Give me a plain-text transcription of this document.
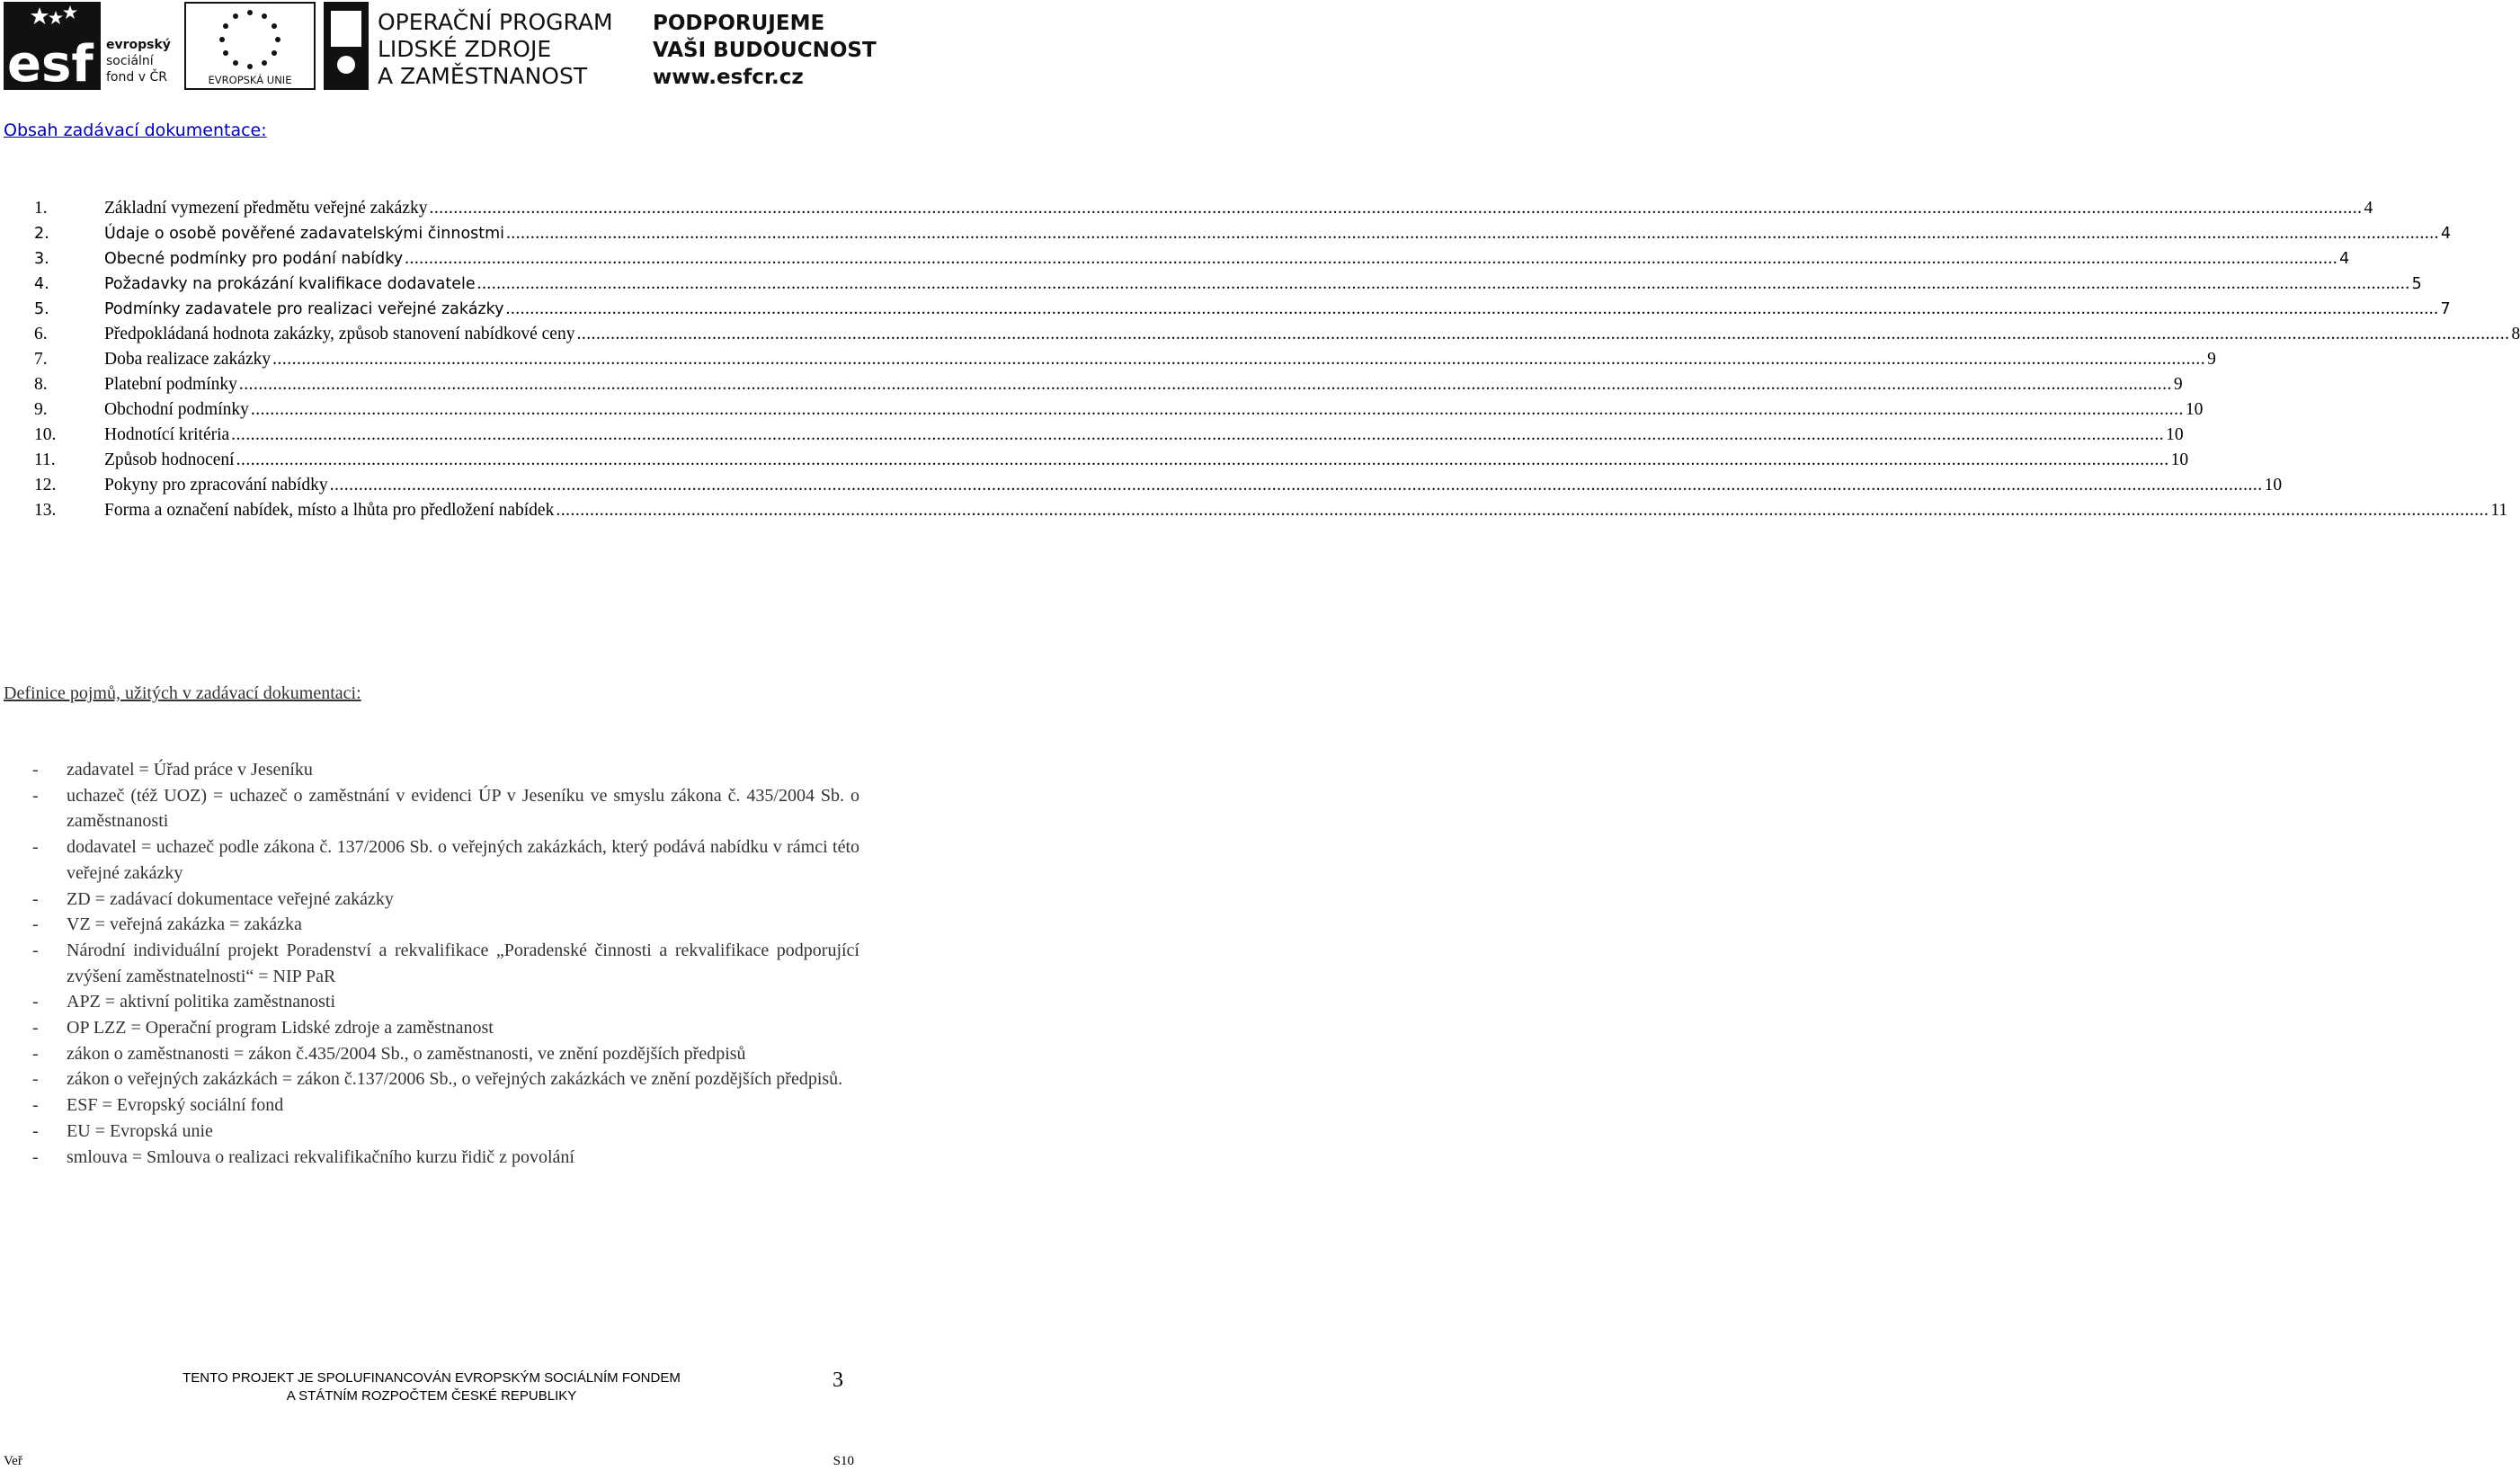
esf evropský
sociální
fond v ČR	EVROPSKÁ UNIE
OPERAČNÍ PROGRAM
LIDSKÉ ZDROJE
A ZAMĚSTNANOST
PODPORUJEME
VAŠI BUDOUCNOST
www.esfcr.cz
Obsah zadávací dokumentace:
1.	Základní vymezení předmětu veřejné zakázky ................................................................................................................................................................................................................................................................................................................................................................................................................ 4
2.	Údaje o osobě pověřené zadavatelskými činnostmi ................................................................................................................................................................................................................................................................................................................................................................................................................ 4
3.	Obecné podmínky pro podání nabídky ................................................................................................................................................................................................................................................................................................................................................................................................................ 4
4.	Požadavky na prokázání kvalifikace dodavatele ................................................................................................................................................................................................................................................................................................................................................................................................................ 5
5.	Podmínky zadavatele pro realizaci veřejné zakázky ................................................................................................................................................................................................................................................................................................................................................................................................................ 7
6.	Předpokládaná hodnota zakázky, způsob stanovení nabídkové ceny ................................................................................................................................................................................................................................................................................................................................................................................................................ 8
7.	Doba realizace zakázky ................................................................................................................................................................................................................................................................................................................................................................................................................ 9
8.	Platební podmínky ................................................................................................................................................................................................................................................................................................................................................................................................................ 9
9.	Obchodní podmínky ................................................................................................................................................................................................................................................................................................................................................................................................................ 10
10.	Hodnotící kritéria ................................................................................................................................................................................................................................................................................................................................................................................................................ 10
11.	Způsob hodnocení ................................................................................................................................................................................................................................................................................................................................................................................................................ 10
12.	Pokyny pro zpracování nabídky ................................................................................................................................................................................................................................................................................................................................................................................................................ 10
13.	Forma a označení nabídek, místo a lhůta pro předložení nabídek ................................................................................................................................................................................................................................................................................................................................................................................................................ 11
Definice pojmů, užitých v zadávací dokumentaci:
- zadavatel = Úřad práce v Jeseníku
- uchazeč (též UOZ) = uchazeč o zaměstnání v evidenci ÚP v Jeseníku ve smyslu zákona č. 435/2004 Sb. o zaměstnanosti
- dodavatel = uchazeč podle zákona č. 137/2006 Sb. o veřejných zakázkách, který podává nabídku v rámci této veřejné zakázky
- ZD = zadávací dokumentace veřejné zakázky
- VZ = veřejná zakázka = zakázka
- Národní individuální projekt Poradenství a rekvalifikace „Poradenské činnosti a rekvalifikace podporující zvýšení zaměstnatelnosti“ = NIP PaR
- APZ = aktivní politika zaměstnanosti
- OP LZZ = Operační program Lidské zdroje a zaměstnanost
- zákon o zaměstnanosti = zákon č.435/2004 Sb., o zaměstnanosti, ve znění pozdějších předpisů
- zákon o veřejných zakázkách = zákon č.137/2006 Sb., o veřejných zakázkách ve znění pozdějších předpisů.
- ESF = Evropský sociální fond
- EU = Evropská unie
- smlouva = Smlouva o realizaci rekvalifikačního kurzu řidič z povolání
TENTO PROJEKT JE SPOLUFINANCOVÁN EVROPSKÝM SOCIÁLNÍM FONDEM
A STÁTNÍM ROZPOČTEM ČESKÉ REPUBLIKY
3
Veř	S10
